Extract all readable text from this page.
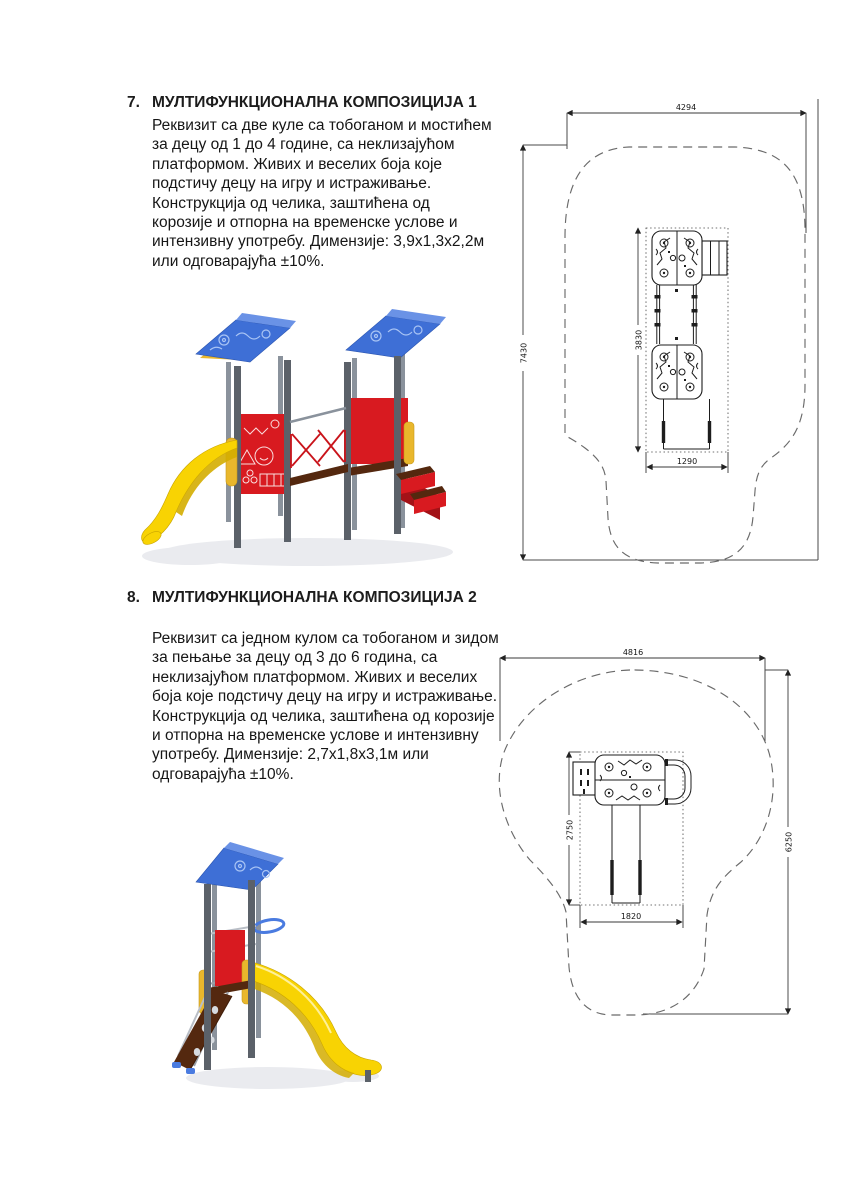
7. МУЛТИФУНКЦИОНАЛНА КОМПОЗИЦИЈА 1
Реквизит са две куле са тобоганом и мостићем за децу од 1 до 4 године, са неклизајућом платформом. Живих и веселих боја које подстичу децу на игру и истраживање. Конструкција од челика, заштићена од корозије и отпорна на временске услове и интензивну употребу. Димензије: 3,9х1,3х2,2м или одговарајућа ±10%.
4294
7430
3830
1290
8. МУЛТИФУНКЦИОНАЛНА КОМПОЗИЦИЈА 2
Реквизит са једном кулом са тобоганом и зидом за пењање за децу од 3 до 6 година, са неклизајућом платформом. Живих и веселих боја које подстичу децу на игру и истраживање. Конструкција од челика, заштићена од корозије и отпорна на временске услове и интензивну употребу. Димензије: 2,7х1,8х3,1м или одговарајућа ±10%.
4816
6250
2750
1820
